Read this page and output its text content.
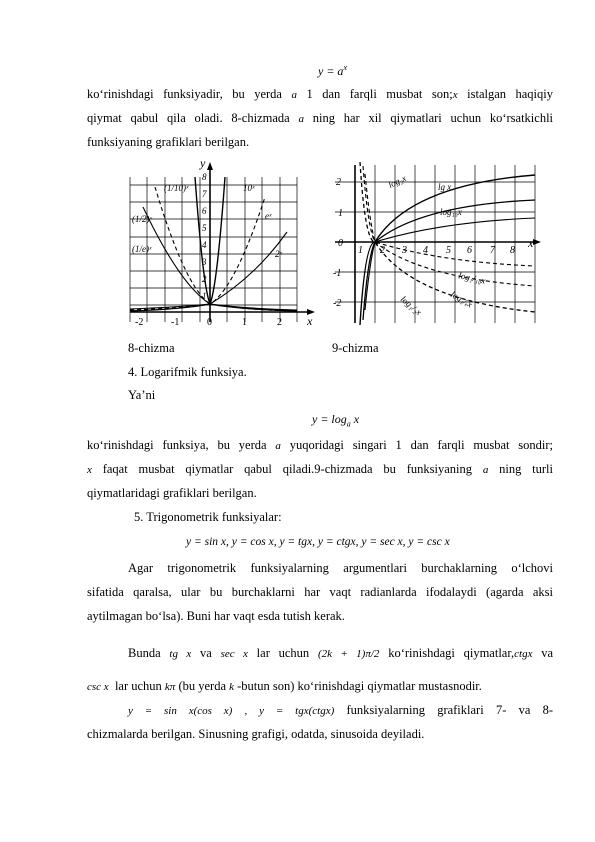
$y = a^x$
ko‘rinishdagi funksiyadir, bu yerda a 1 dan farqli musbat son;x istalgan haqiqiy
qiymat qabul qila oladi. 8-chizmada a ning har xil qiymatlari uchun ko‘rsatkichli
funksiyaning grafiklari berilgan.
y
x
-2	-1	0	1	2
1
2
3
4
5
6
7
8
(1/10)ˣ
(1/2)ˣ
(1/e)ˣ
10ˣ
eˣ
2ˣ
x
1 2 3 4 5 6 7 8
2
1
0
-1
-2
log₂x	lg x
log₁₀x
log₁/₁₀x
log₁/₂x	log₁/ₑx
8-chizma	9-chizma
4. Logarifmik funksiya.
Ya’ni
$y = \log_a x$
ko‘rinishdagi funksiya, bu yerda a yuqoridagi singari 1 dan farqli musbat sondir;
x faqat musbat qiymatlar qabul qiladi.9-chizmada bu funksiyaning a ning turli
qiymatlaridagi grafiklari berilgan.
5. Trigonometrik funksiyalar:
y = sin x, y = cos x, y = tgx, y = ctgx, y = sec x, y = csc x
Agar trigonometrik funksiyalarning argumentlari burchaklarning o‘lchovi
sifatida qaralsa, ular bu burchaklarni har vaqt radianlarda ifodalaydi (agarda aksi
aytilmagan bo‘lsa). Buni har vaqt esda tutish kerak.
Bunda tg x va sec x lar uchun (2k + 1)π/2 ko‘rinishdagi qiymatlar,ctgx va
csc x lar uchun kπ (bu yerda k -butun son) ko‘rinishdagi qiymatlar mustasnodir.
y = sin x(cos x) , y = tgx(ctgx) funksiyalarning grafiklari 7- va 8-
chizmalarda berilgan. Sinusning grafigi, odatda, sinusoida deyiladi.
